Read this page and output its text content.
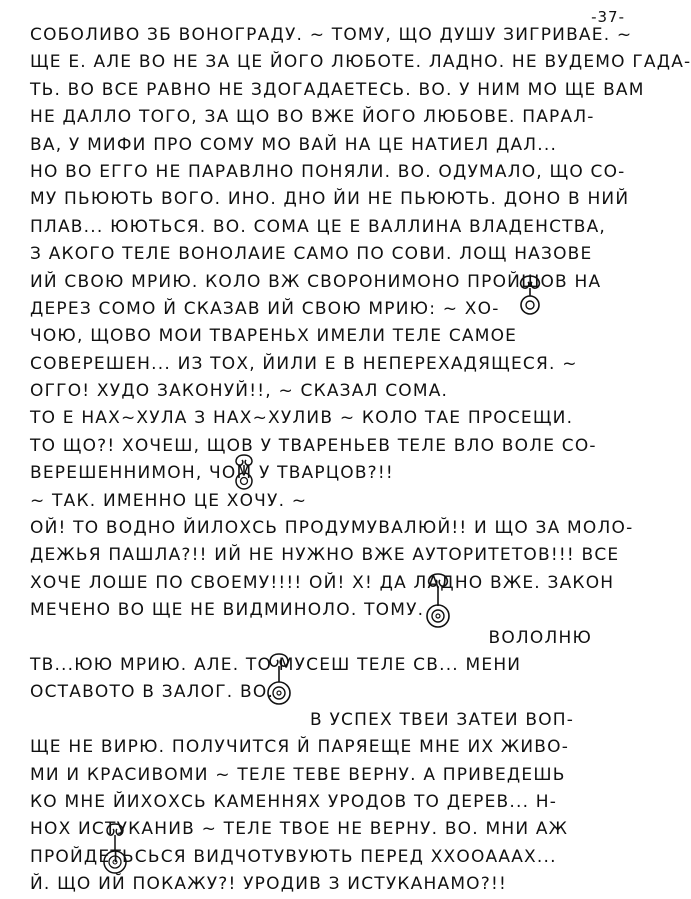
-37-
СОБОЛИВО ЗБ ВОНОГРАДУ. ~ ТОМУ, ЩО ДУШУ ЗИГРИВАЕ. ~
ЩЕ Е. АЛЕ ВО НЕ ЗА ЦЕ ЙОГО ЛЮБОТЕ. ЛАДНО. НЕ ВУДЕМО ГАДА-
ТЬ. ВО ВСЕ РАВНО НЕ ЗДОГАДАЕТЕСЬ. ВО. У НИМ МО ЩЕ ВАМ
НЕ ДАЛЛО ТОГО, ЗА ЩО ВО ВЖЕ ЙОГО ЛЮБОВЕ. ПАРАЛ-
ВА, У МИФИ ПРО СОМУ МО ВАЙ НА ЦЕ НАТИЕЛ ДАЛ...
НО ВО ЕГГО НЕ ПАРАВЛНО ПОНЯЛИ. ВО. ОДУМАЛО, ЩО СО-
МУ ПЬЮЮТЬ ВОГО. ИНО. ДНО ЙИ НЕ ПЬЮЮТЬ. ДОНО В НИЙ
ПЛАВ... ЮЮТЬСЯ. ВО. СОМА ЦЕ Е ВАЛЛИНА ВЛАДЕНСТВА,
З АКОГО ТЕЛЕ ВОНОЛАИЕ САМО ПО СОВИ. ЛОЩ НАЗОВЕ
ИЙ СВОЮ МРИЮ. КОЛО ВЖ СВОРОНИМОНО ПРОЙШОВ НА
ДЕРЕЗ СОМО Й СКАЗАВ ИЙ СВОЮ МРИЮ: ~ ХО-
ЧОЮ, ЩОВО МОИ ТВАРЕНЬХ ИМЕЛИ ТЕЛЕ САМОЕ
СОВЕРЕШЕН... ИЗ ТОХ, ЙИЛИ Е В НЕПЕРЕХАДЯЩЕСЯ. ~
ОГГО! ХУДО ЗАКОНУЙ!!, ~ СКАЗАЛ СОМА.
ТО Е НАХ~ХУЛА З НАХ~ХУЛИВ ~ КОЛО ТАЕ ПРОСЕЩИ.
ТО ЩО?! ХОЧЕШ, ЩОВ У ТВАРЕНЬЕВ ТЕЛЕ ВЛО ВОЛЕ СО-
ВЕРЕШЕННИМОН, ЧОМ У ТВАРЦОВ?!!
~ ТАК. ИМЕННО ЦЕ ХОЧУ. ~
ОЙ! ТО ВОДНО ЙИЛОХСЬ ПРОДУМУВАЛЮЙ!! И ЩО ЗА МОЛО-
ДЕЖЬЯ ПАШЛА?!! ИЙ НЕ НУЖНО ВЖЕ АУТОРИТЕТОВ!!! ВСЕ
ХОЧЕ ЛОШЕ ПО СВОЕМУ!!!! ОЙ! X! ДА ЛАДНО ВЖЕ. ЗАКОН
МЕЧЕНО ВО ЩЕ НЕ ВИДМИНОЛО. ТОМУ.
ВОЛОЛНЮ
ТВ...ЮЮ МРИЮ. АЛЕ. ТО МУСЕШ ТЕЛЕ СВ... МЕНИ
ОСТАВОТО В ЗАЛОГ. ВО.
В УСПЕХ ТВЕИ ЗАТЕИ ВОП-
ЩЕ НЕ ВИРЮ. ПОЛУЧИТСЯ Й ПАРЯЕЩЕ МНЕ ИХ ЖИВО-
МИ И КРАСИВОМИ ~ ТЕЛЕ ТЕВЕ ВЕРНУ. А ПРИВЕДЕШЬ
КО МНЕ ЙИХОХСЬ КАМЕННЯХ УРОДОВ ТО ДЕРЕВ... Н-
НОХ ИСТУКАНИВ ~ ТЕЛЕ ТВОЕ НЕ ВЕРНУ. ВО. МНИ АЖ
ПРОЙДЕТЬСЬСЯ ВИДЧОТУВУЮТЬ ПЕРЕД ХХООАААХ...
Й. ЩО ИЙ ПОКАЖУ?! УРОДИВ З ИСТУКАНАМО?!!
